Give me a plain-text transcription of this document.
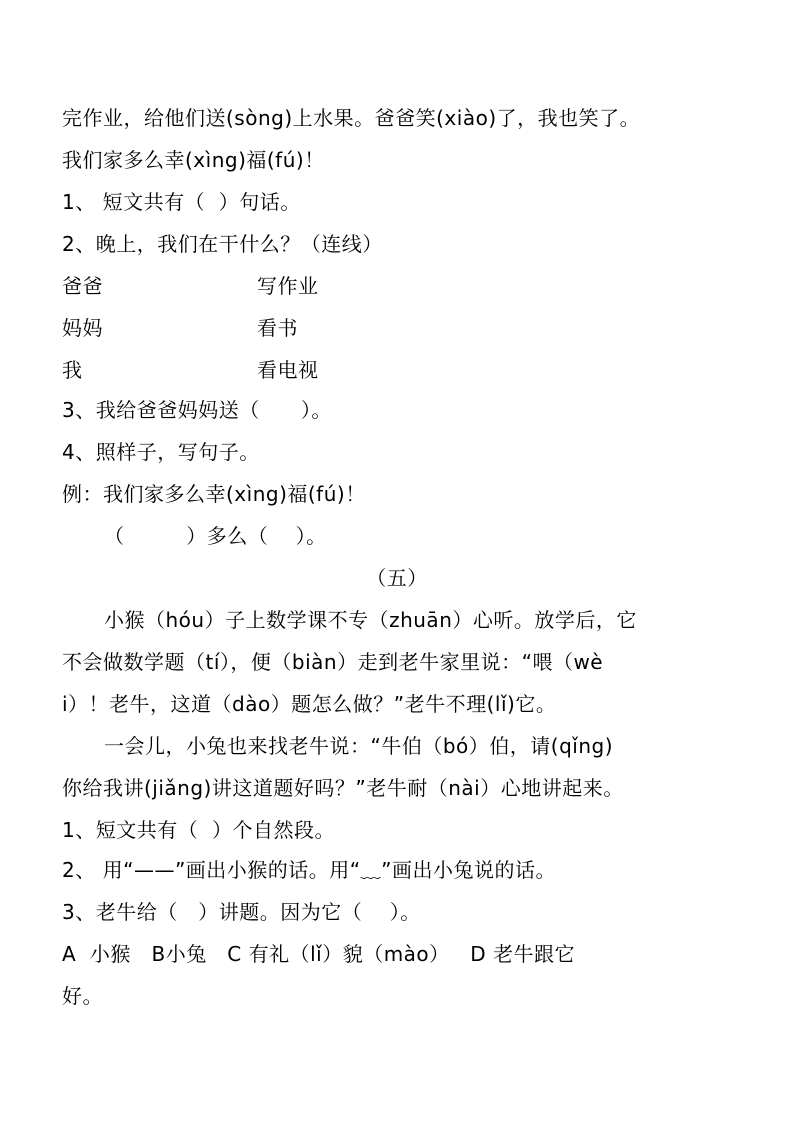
完作业，给他们送(sòng)上水果。爸爸笑(xiào)了，我也笑了。
我们家多么幸(xìng)福(fú)！
1、 短文共有（  ）句话。
2、晚上，我们在干什么？（连线）
爸爸	写作业
妈妈	看书
我	看电视
3、我给爸爸妈妈送（      ）。
4、照样子，写句子。
例：我们家多么幸(xìng)福(fú)！
（         ）多么（    ）。
（五）
小猴（hóu）子上数学课不专（zhuān）心听。放学后，它
不会做数学题（tí），便（biàn）走到老牛家里说：“喂（wè
i）！老牛，这道（dào）题怎么做？”老牛不理(lǐ)它。
一会儿，小兔也来找老牛说：“牛伯（bó）伯，请(qǐng)
你给我讲(jiǎng)讲这道题好吗？”老牛耐（nài）心地讲起来。
1、短文共有（  ）个自然段。
2、 用“——”画出小猴的话。用“﹏”画出小兔说的话。
3、老牛给（   ）讲题。因为它（    ）。
A  小猴   B小兔   C 有礼（lǐ）貌（mào）   D 老牛跟它
好。
